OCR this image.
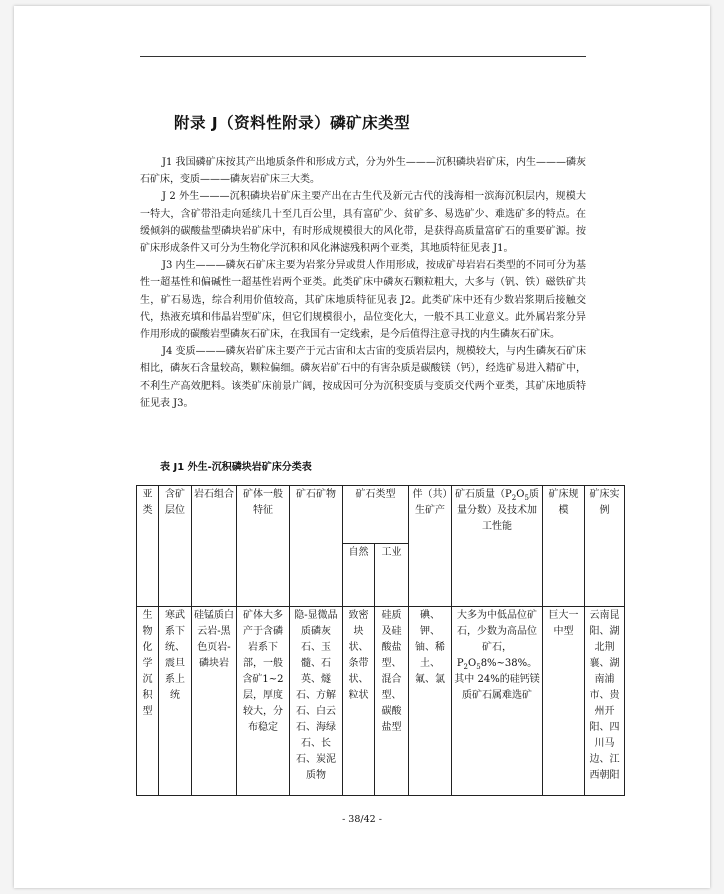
附录 J（资料性附录）磷矿床类型

J1 我国磷矿床按其产出地质条件和形成方式，分为外生———沉积磷块岩矿床，内生———磷灰石矿床，变质———磷灰岩矿床三大类。

J 2 外生———沉积磷块岩矿床主要产出在古生代及新元古代的浅海相一滨海沉积层内，规模大一特大，含矿带沿走向延续几十至几百公里，具有富矿少、贫矿多、易选矿少、难选矿多的特点。在缓倾斜的碳酸盐型磷块岩矿床中，有时形成规模很大的风化带，是获得高质量富矿石的重要矿源。按矿床形成条件又可分为生物化学沉积和风化淋滤残积两个亚类，其地质特征见表 J1。

J3 内生———磷灰石矿床主要为岩浆分异或贯人作用形成，按成矿母岩岩石类型的不同可分为基性一超基性和偏碱性一超基性岩两个亚类。此类矿床中磷灰石颗粒粗大，大多与（钒、铁）磁铁矿共生，矿石易选，综合利用价值较高，其矿床地质特征见表 J2。此类矿床中还有少数岩浆期后接触交代，热液充填和伟晶岩型矿床，但它们规模很小，品位变化大，一般不具工业意义。此外属岩浆分异作用形成的碳酸岩型磷灰石矿床，在我国有一定线索，是今后值得注意寻找的内生磷灰石矿床。

J4 变质———磷灰岩矿床主要产于元古宙和太古宙的变质岩层内，规模较大，与内生磷灰石矿床相比，磷灰石含量较高，颗粒偏细。磷灰岩矿石中的有害杂质是碳酸镁（钙），经选矿易进入精矿中，不利生产高效肥料。该类矿床前景广阔，按成因可分为沉积变质与变质交代两个亚类，其矿床地质特征见表 J3。

表 J1 外生-沉积磷块岩矿床分类表
亚类	含矿层位	岩石组合	矿体一般特征	矿石矿物	矿石类型		伴（共）生矿产	矿石质量（$P_2O_5$质量分数）及技术加工性能	矿床规模	矿床实例
					自然	工业				
生物化学沉积型	寒武系下统、震旦系上统	硅锰质白云岩-黑色页岩-磷块岩	矿体大多产于含磷岩系下部，一般含矿1~2层，厚度较大，分布稳定	隐-显微晶质磷灰石、玉髓、石英、燧石、方解石、白云石、海绿石、长石、炭泥质物	致密块状、条带状、粒状	硅质及硅酸盐型、混合型、碳酸盐型	碘、钾、铀、稀土、氟、氯	大多为中低品位矿石，少数为高品位矿石，
$P_2O_58\%\sim 38\%$。
其中 24%的硅钙镁质矿石属难选矿	巨大一中型	云南昆阳、湖北荆襄、湖南浦市、贵州开阳、四川马边、江西朝阳
- 38/42 -
